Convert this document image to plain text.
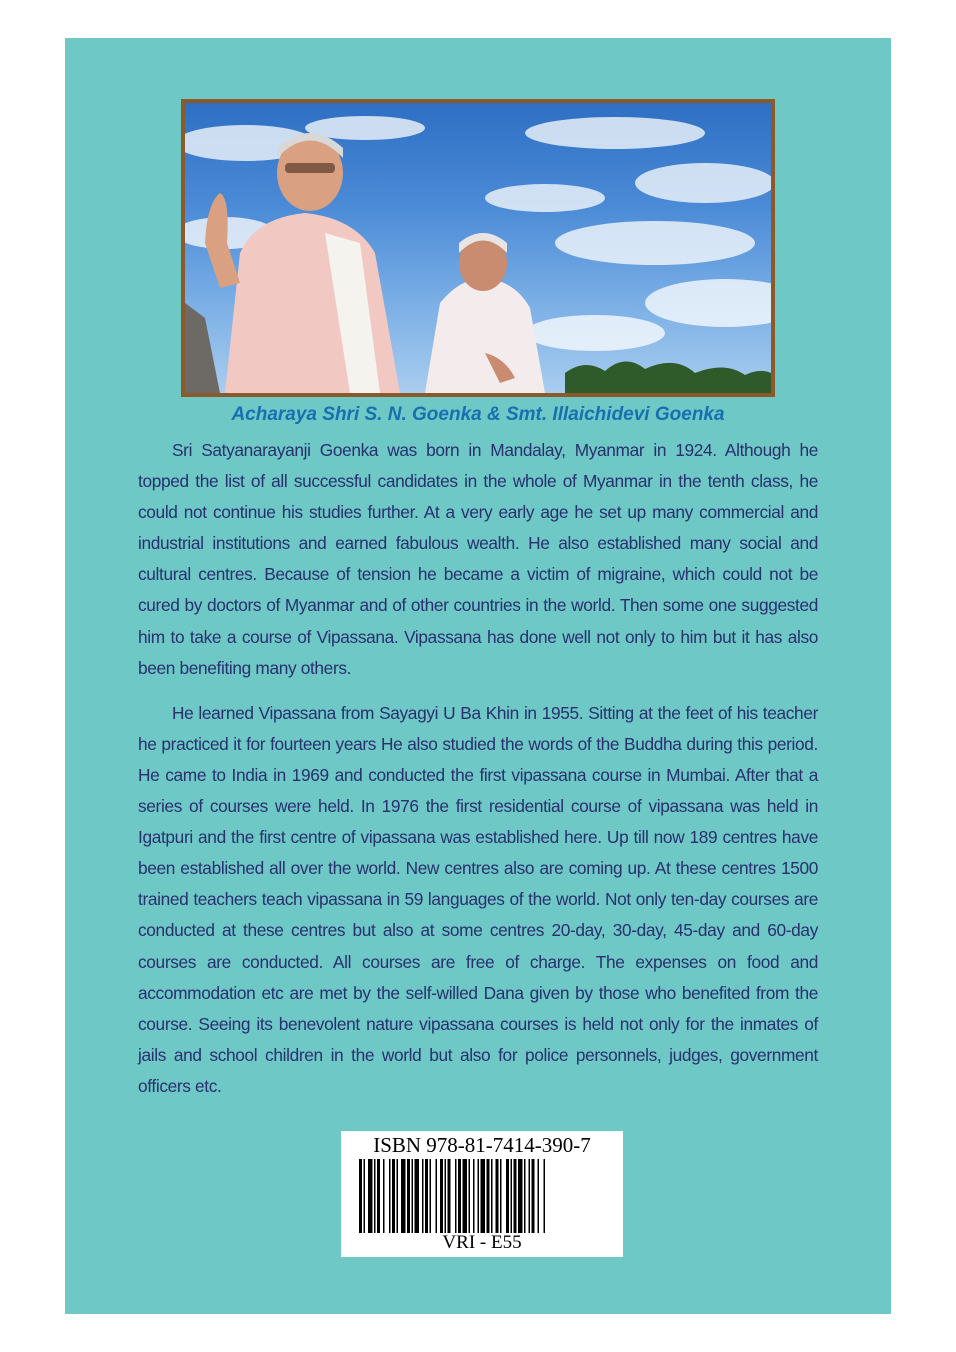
Acharaya Shri S. N. Goenka & Smt. Illaichidevi Goenka

Sri Satyanarayanji Goenka was born in Mandalay, Myanmar in 1924. Although he topped the list of all successful candidates in the whole of Myanmar in the tenth class, he could not continue his studies further. At a very early age he set up many commercial and industrial institutions and earned fabulous wealth. He also established many social and cultural centres. Because of tension he became a victim of migraine, which could not be cured by doctors of Myanmar and of other countries in the world. Then some one suggested him to take a course of Vipassana. Vipassana has done well not only to him but it has also been benefiting many others.

He learned Vipassana from Sayagyi U Ba Khin in 1955. Sitting at the feet of his teacher he practiced it for fourteen years He also studied the words of the Buddha during this period. He came to India in 1969 and conducted the first vipassana course in Mumbai. After that a series of courses were held. In 1976 the first residential course of vipassana was held in Igatpuri and the first centre of vipassana was established here. Up till now 189 centres have been established all over the world. New centres also are coming up. At these centres 1500 trained teachers teach vipassana in 59 languages of the world. Not only ten-day courses are conducted at these centres but also at some centres 20-day, 30-day, 45-day and 60-day courses are conducted. All courses are free of charge. The expenses on food and accommodation etc are met by the self-willed Dana given by those who benefited from the course. Seeing its benevolent nature vipassana courses is held not only for the inmates of jails and school children in the world but also for police personnels, judges, government officers etc.

ISBN 978-81-7414-390-7
VRI - E55
